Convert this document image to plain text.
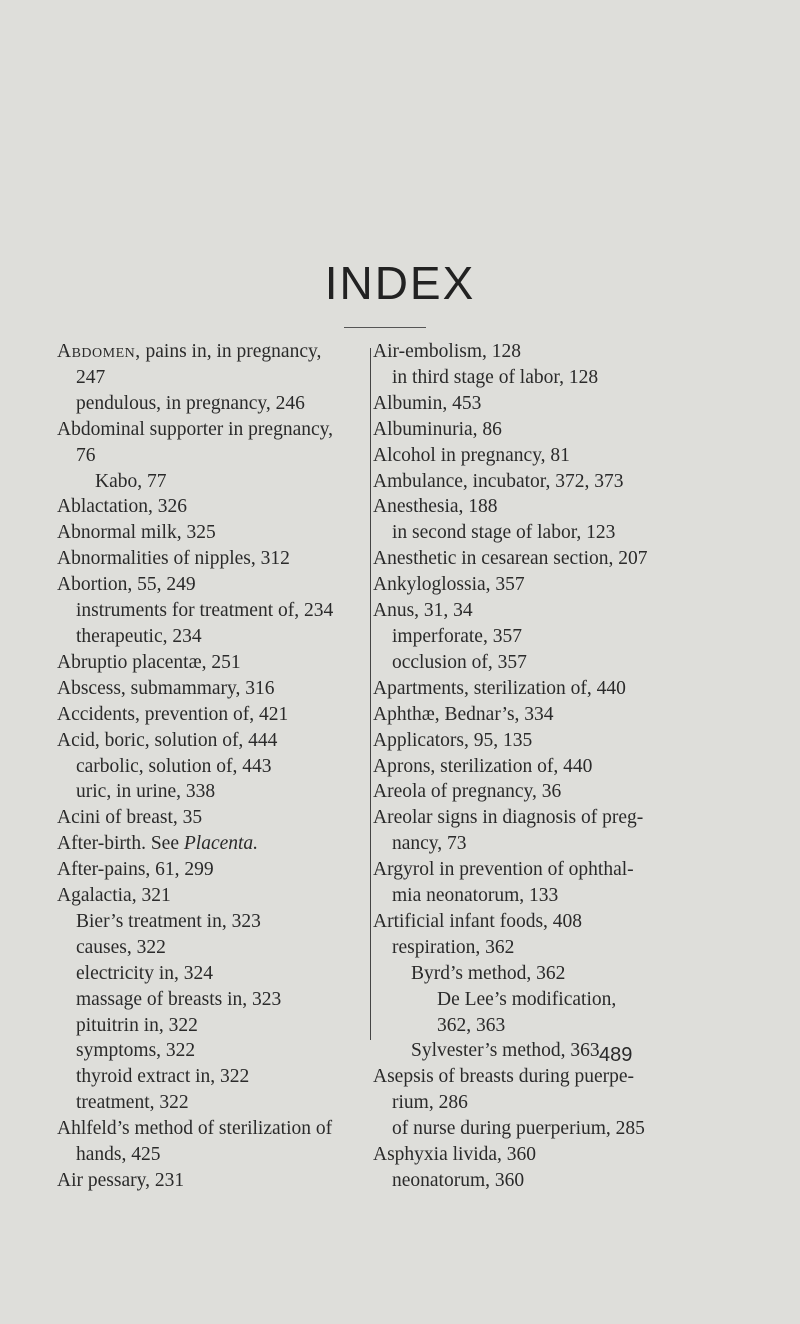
INDEX

Abdomen, pains in, in pregnancy,

247

pendulous, in pregnancy, 246

Abdominal supporter in pregnancy,

76

Kabo, 77

Ablactation, 326

Abnormal milk, 325

Abnormalities of nipples, 312

Abortion, 55, 249

instruments for treatment of, 234

therapeutic, 234

Abruptio placentæ, 251

Abscess, submammary, 316

Accidents, prevention of, 421

Acid, boric, solution of, 444

carbolic, solution of, 443

uric, in urine, 338

Acini of breast, 35

After-birth. See Placenta.

After-pains, 61, 299

Agalactia, 321

Bier’s treatment in, 323

causes, 322

electricity in, 324

massage of breasts in, 323

pituitrin in, 322

symptoms, 322

thyroid extract in, 322

treatment, 322

Ahlfeld’s method of sterilization of

hands, 425

Air pessary, 231

Air-embolism, 128

in third stage of labor, 128

Albumin, 453

Albuminuria, 86

Alcohol in pregnancy, 81

Ambulance, incubator, 372, 373

Anesthesia, 188

in second stage of labor, 123

Anesthetic in cesarean section, 207

Ankyloglossia, 357

Anus, 31, 34

imperforate, 357

occlusion of, 357

Apartments, sterilization of, 440

Aphthæ, Bednar’s, 334

Applicators, 95, 135

Aprons, sterilization of, 440

Areola of pregnancy, 36

Areolar signs in diagnosis of preg-

nancy, 73

Argyrol in prevention of ophthal-

mia neonatorum, 133

Artificial infant foods, 408

respiration, 362

Byrd’s method, 362

De Lee’s modification,

362, 363

Sylvester’s method, 363

Asepsis of breasts during puerpe-

rium, 286

of nurse during puerperium, 285

Asphyxia livida, 360

neonatorum, 360

489
